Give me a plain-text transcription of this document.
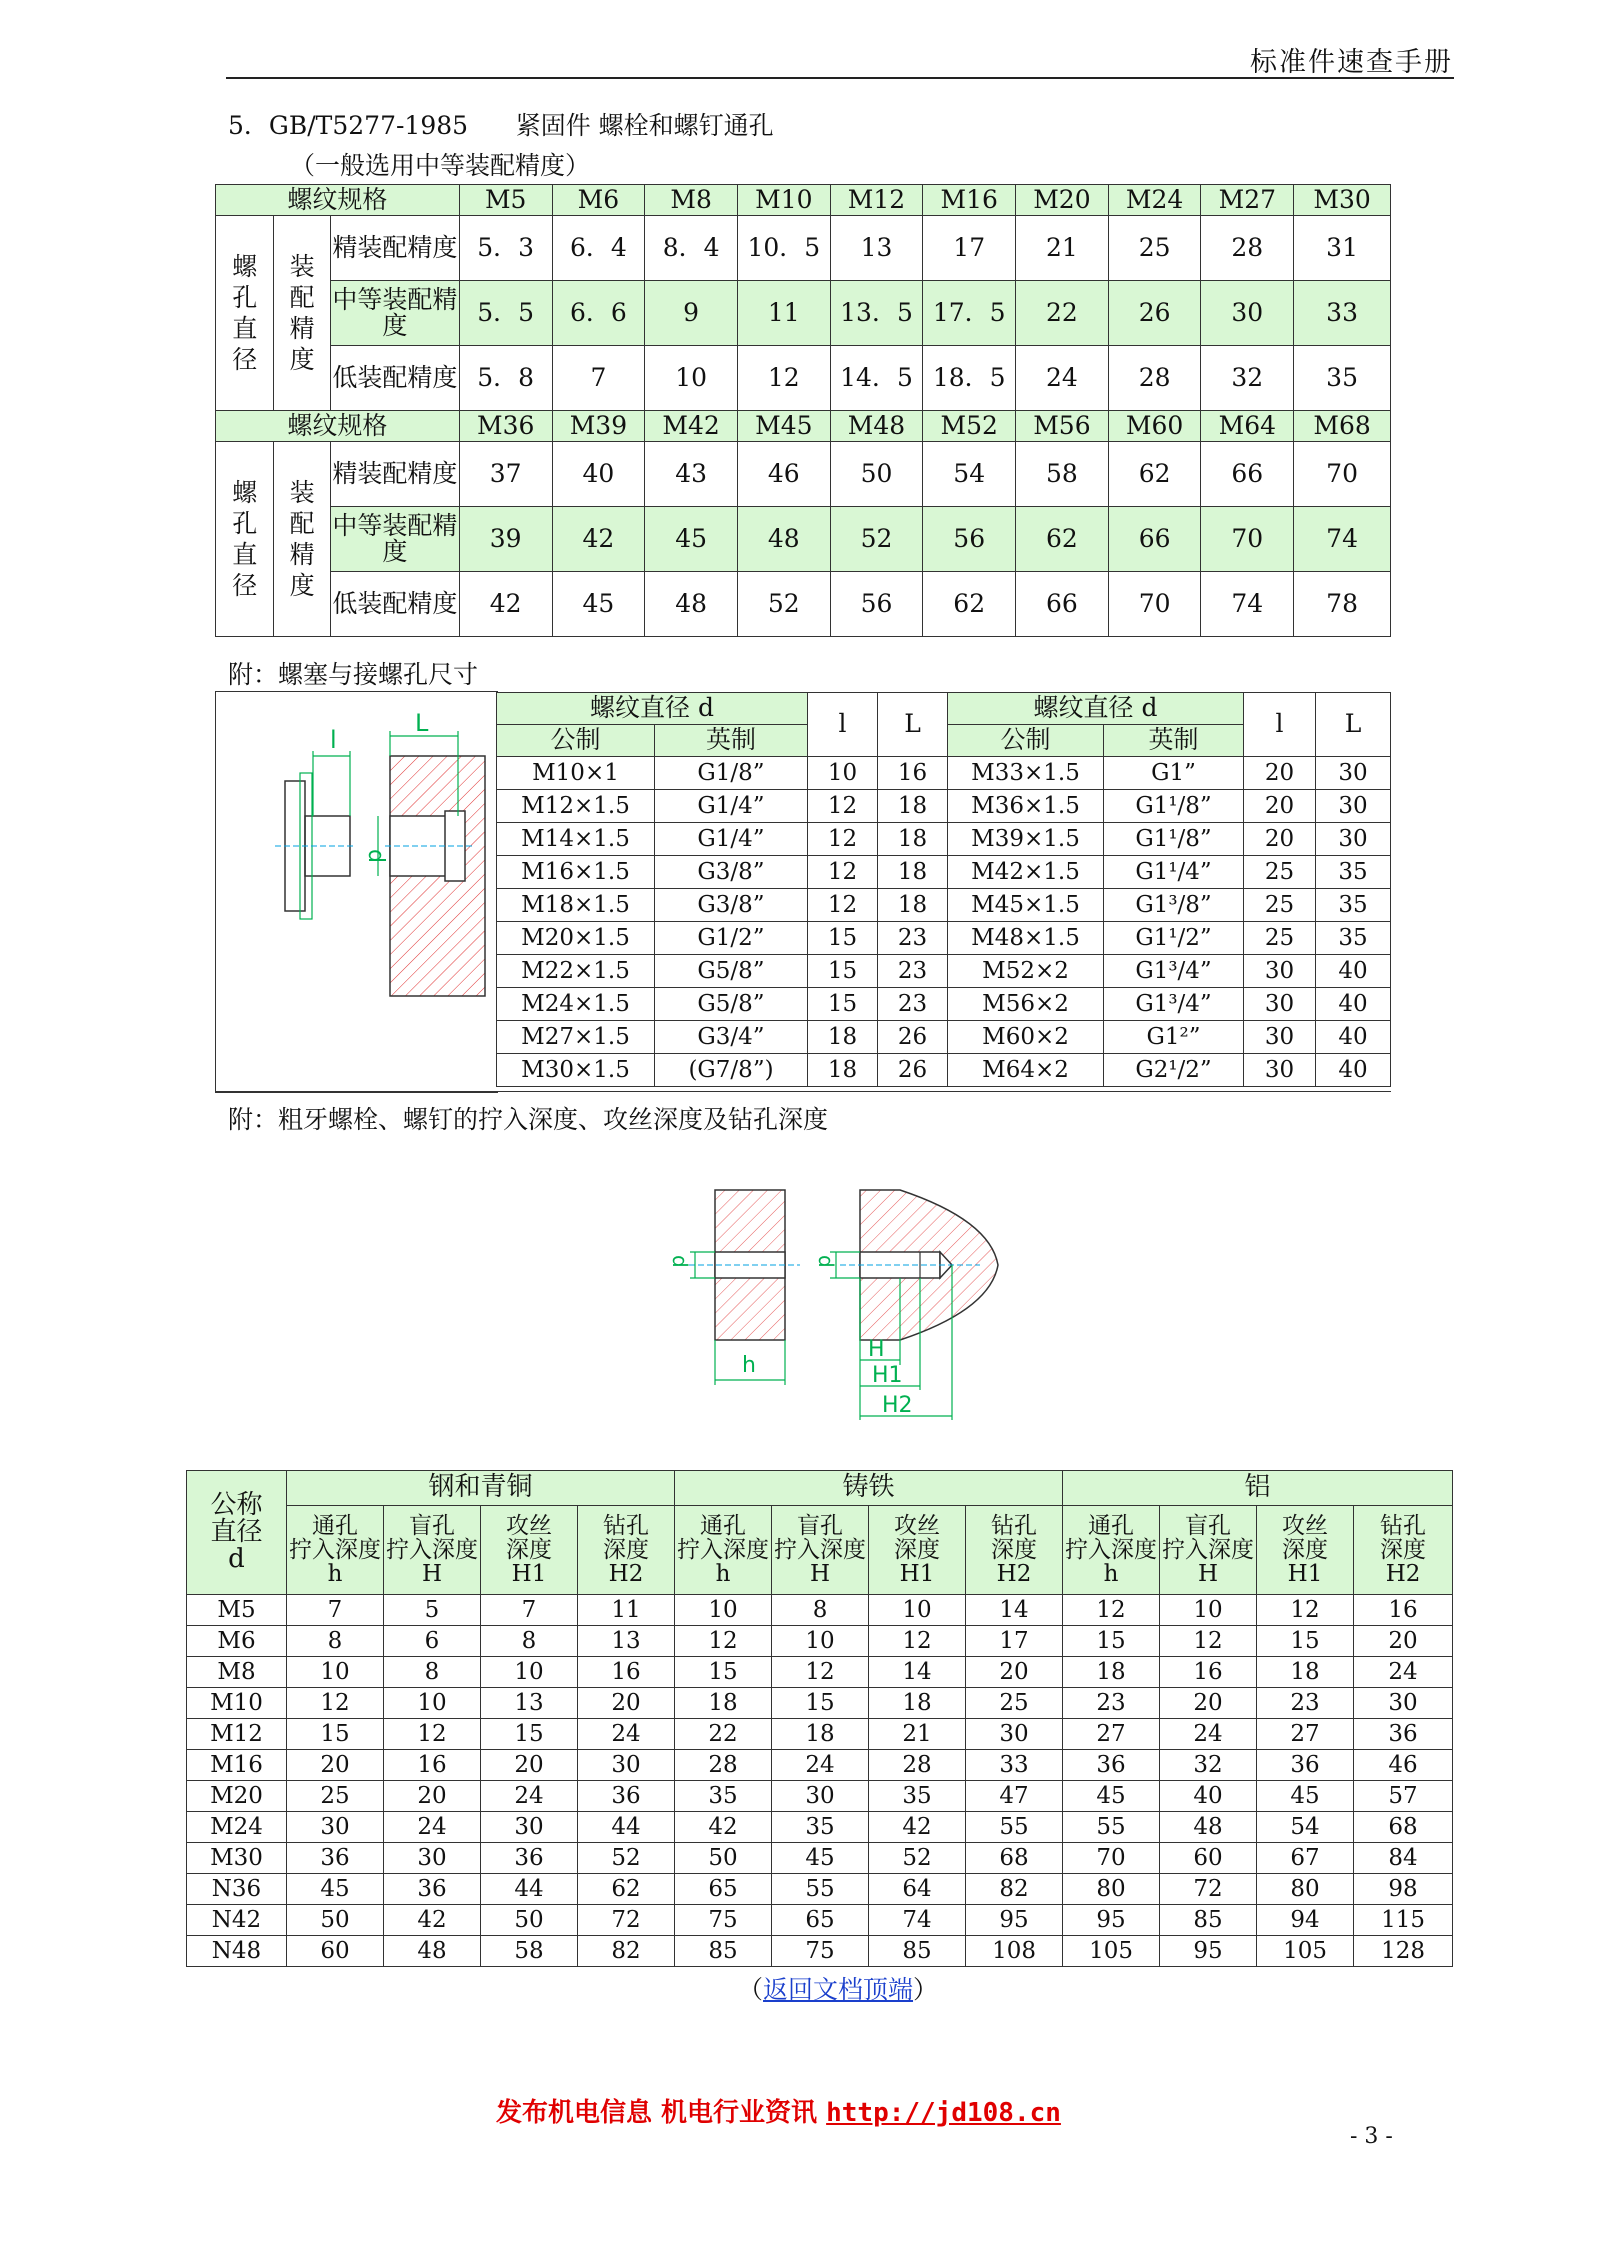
标准件速查手册
5．GB/T5277-1985      紧固件 螺栓和螺钉通孔
（一般选用中等装配精度）
螺纹规格			M5	M6	M8	M10	M12	M16	M20	M24	M27	M30
螺
孔
直
径	装
配
精
度	精装配精度	5．3	6．4	8．4	10．5	13	17	21	25	28	31
		中等装配精度	5．5	6．6	9	11	13．5	17．5	22	26	30	33
		低装配精度	5．8	7	10	12	14．5	18．5	24	28	32	35
螺纹规格			M36	M39	M42	M45	M48	M52	M56	M60	M64	M68
螺
孔
直
径	装
配
精
度	精装配精度	37	40	43	46	50	54	58	62	66	70
		中等装配精度	39	42	45	48	52	56	62	66	70	74
		低装配精度	42	45	48	52	56	62	66	70	74	78
附：螺塞与接螺孔尺寸
l
L
d
螺纹直径 d		l	L	螺纹直径 d		l	L
公制	英制			公制	英制		
M10×1	G1/8”	10	16	M33×1.5	G1”	20	30
M12×1.5	G1/4”	12	18	M36×1.5	G1¹/8”	20	30
M14×1.5	G1/4”	12	18	M39×1.5	G1¹/8”	20	30
M16×1.5	G3/8”	12	18	M42×1.5	G1¹/4”	25	35
M18×1.5	G3/8”	12	18	M45×1.5	G1³/8”	25	35
M20×1.5	G1/2”	15	23	M48×1.5	G1¹/2”	25	35
M22×1.5	G5/8”	15	23	M52×2	G1³/4”	30	40
M24×1.5	G5/8”	15	23	M56×2	G1³/4”	30	40
M27×1.5	G3/4”	18	26	M60×2	G1²”	30	40
M30×1.5	(G7/8”)	18	26	M64×2	G2¹/2”	30	40
附：粗牙螺栓、螺钉的拧入深度、攻丝深度及钻孔深度
d
h
d
H
H1
H2
公称
直径
d	钢和青铜				铸铁				铝			
	通孔
拧入深度
h	盲孔
拧入深度
H	攻丝
深度
H1	钻孔
深度
H2	通孔
拧入深度
h	盲孔
拧入深度
H	攻丝
深度
H1	钻孔
深度
H2	通孔
拧入深度
h	盲孔
拧入深度
H	攻丝
深度
H1	钻孔
深度
H2
M5	7	5	7	11	10	8	10	14	12	10	12	16
M6	8	6	8	13	12	10	12	17	15	12	15	20
M8	10	8	10	16	15	12	14	20	18	16	18	24
M10	12	10	13	20	18	15	18	25	23	20	23	30
M12	15	12	15	24	22	18	21	30	27	24	27	36
M16	20	16	20	30	28	24	28	33	36	32	36	46
M20	25	20	24	36	35	30	35	47	45	40	45	57
M24	30	24	30	44	42	35	42	55	55	48	54	68
M30	36	30	36	52	50	45	52	68	70	60	67	84
N36	45	36	44	62	65	55	64	82	80	72	80	98
N42	50	42	50	72	75	65	74	95	95	85	94	115
N48	60	48	58	82	85	75	85	108	105	95	105	128
（返回文档顶端）
发布机电信息 机电行业资讯 http://jd108.cn
- 3 -
